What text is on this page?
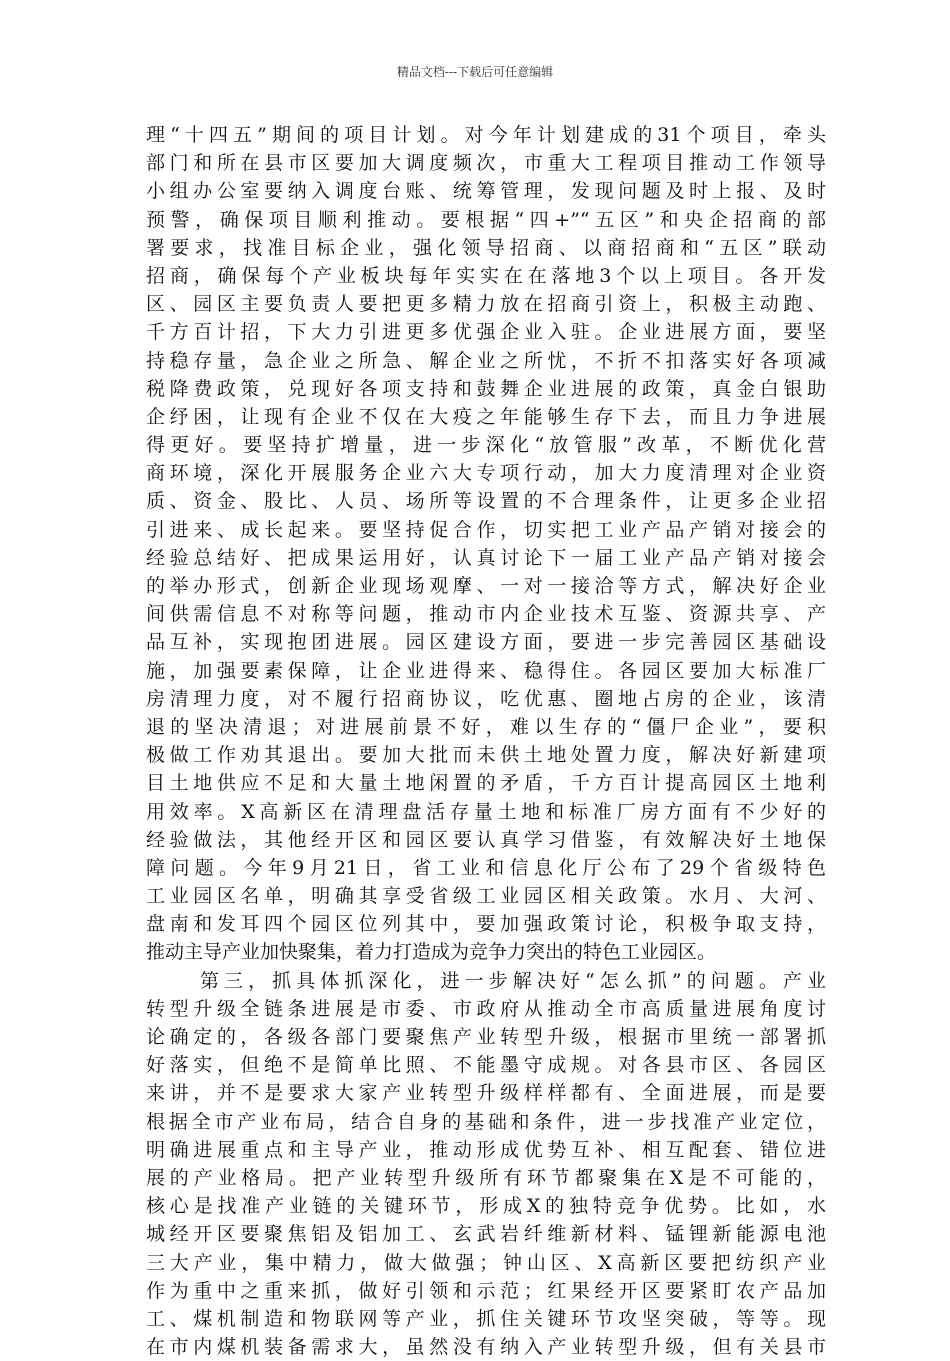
精品文档---下载后可任意编辑
理“十四五”期间的项目计划。对今年计划建成的31个项目，牵头
部门和所在县市区要加大调度频次，市重大工程项目推动工作领导
小组办公室要纳入调度台账、统筹管理，发现问题及时上报、及时
预警，确保项目顺利推动。要根据“四+”“五区”和央企招商的部
署要求，找准目标企业，强化领导招商、以商招商和“五区”联动
招商，确保每个产业板块每年实实在在落地3个以上项目。各开发
区、园区主要负责人要把更多精力放在招商引资上，积极主动跑、
千方百计招，下大力引进更多优强企业入驻。企业进展方面，要坚
持稳存量，急企业之所急、解企业之所忧，不折不扣落实好各项减
税降费政策，兑现好各项支持和鼓舞企业进展的政策，真金白银助
企纾困，让现有企业不仅在大疫之年能够生存下去，而且力争进展
得更好。要坚持扩增量，进一步深化“放管服”改革，不断优化营
商环境，深化开展服务企业六大专项行动，加大力度清理对企业资
质、资金、股比、人员、场所等设置的不合理条件，让更多企业招
引进来、成长起来。要坚持促合作，切实把工业产品产销对接会的
经验总结好、把成果运用好，认真讨论下一届工业产品产销对接会
的举办形式，创新企业现场观摩、一对一接洽等方式，解决好企业
间供需信息不对称等问题，推动市内企业技术互鉴、资源共享、产
品互补，实现抱团进展。园区建设方面，要进一步完善园区基础设
施，加强要素保障，让企业进得来、稳得住。各园区要加大标准厂
房清理力度，对不履行招商协议，吃优惠、圈地占房的企业，该清
退的坚决清退；对进展前景不好，难以生存的“僵尸企业”，要积
极做工作劝其退出。要加大批而未供土地处置力度，解决好新建项
目土地供应不足和大量土地闲置的矛盾，千方百计提高园区土地利
用效率。X高新区在清理盘活存量土地和标准厂房方面有不少好的
经验做法，其他经开区和园区要认真学习借鉴，有效解决好土地保
障问题。今年9月21日，省工业和信息化厅公布了29个省级特色
工业园区名单，明确其享受省级工业园区相关政策。水月、大河、
盘南和发耳四个园区位列其中，要加强政策讨论，积极争取支持，
推动主导产业加快聚集，着力打造成为竞争力突出的特色工业园区。
第三，抓具体抓深化，进一步解决好“怎么抓”的问题。产业
转型升级全链条进展是市委、市政府从推动全市高质量进展角度讨
论确定的，各级各部门要聚焦产业转型升级，根据市里统一部署抓
好落实，但绝不是简单比照、不能墨守成规。对各县市区、各园区
来讲，并不是要求大家产业转型升级样样都有、全面进展，而是要
根据全市产业布局，结合自身的基础和条件，进一步找准产业定位，
明确进展重点和主导产业，推动形成优势互补、相互配套、错位进
展的产业格局。把产业转型升级所有环节都聚集在X是不可能的，
核心是找准产业链的关键环节，形成X的独特竞争优势。比如，水
城经开区要聚焦铝及铝加工、玄武岩纤维新材料、锰锂新能源电池
三大产业，集中精力，做大做强；钟山区、X高新区要把纺织产业
作为重中之重来抓，做好引领和示范；红果经开区要紧盯农产品加
工、煤机制造和物联网等产业，抓住关键环节攻坚突破，等等。现
在市内煤机装备需求大，虽然没有纳入产业转型升级，但有关县市
